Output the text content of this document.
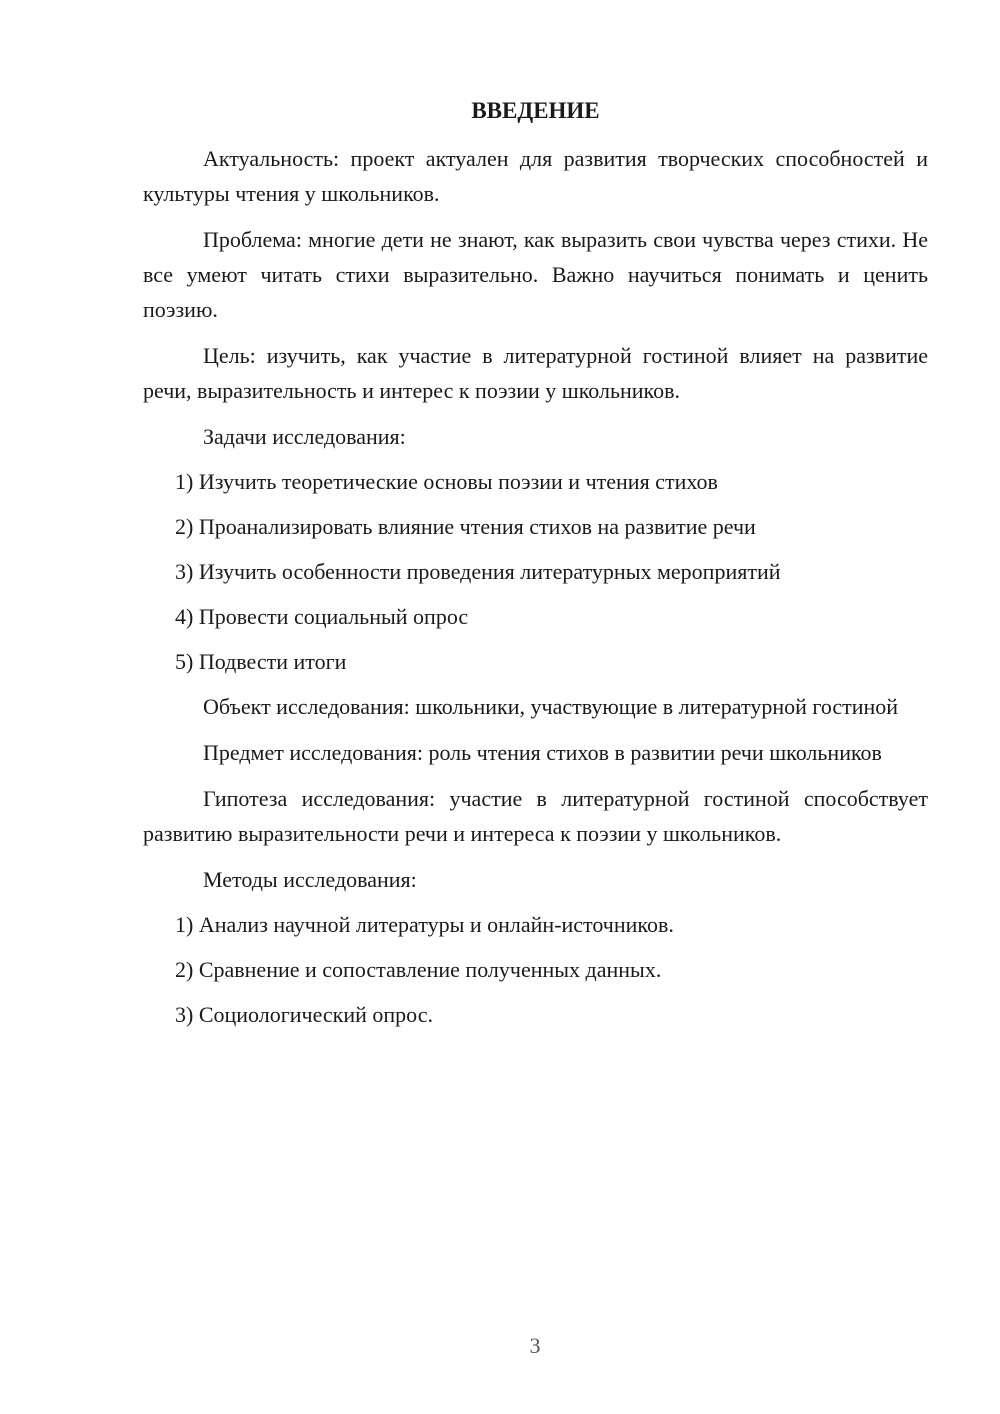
ВВЕДЕНИЕ

Актуальность: проект актуален для развития творческих способностей и культуры чтения у школьников.

Проблема: многие дети не знают, как выразить свои чувства через стихи. Не все умеют читать стихи выразительно. Важно научиться понимать и ценить поэзию.

Цель: изучить, как участие в литературной гостиной влияет на развитие речи, выразительность и интерес к поэзии у школьников.

Задачи исследования:
1) Изучить теоретические основы поэзии и чтения стихов
2) Проанализировать влияние чтения стихов на развитие речи
3) Изучить особенности проведения литературных мероприятий
4) Провести социальный опрос
5) Подвести итоги

Объект исследования: школьники, участвующие в литературной гостиной

Предмет исследования: роль чтения стихов в развитии речи школьников

Гипотеза исследования: участие в литературной гостиной способствует развитию выразительности речи и интереса к поэзии у школьников.

Методы исследования:
1) Анализ научной литературы и онлайн-источников.
2) Сравнение и сопоставление полученных данных.
3) Социологический опрос.
3
